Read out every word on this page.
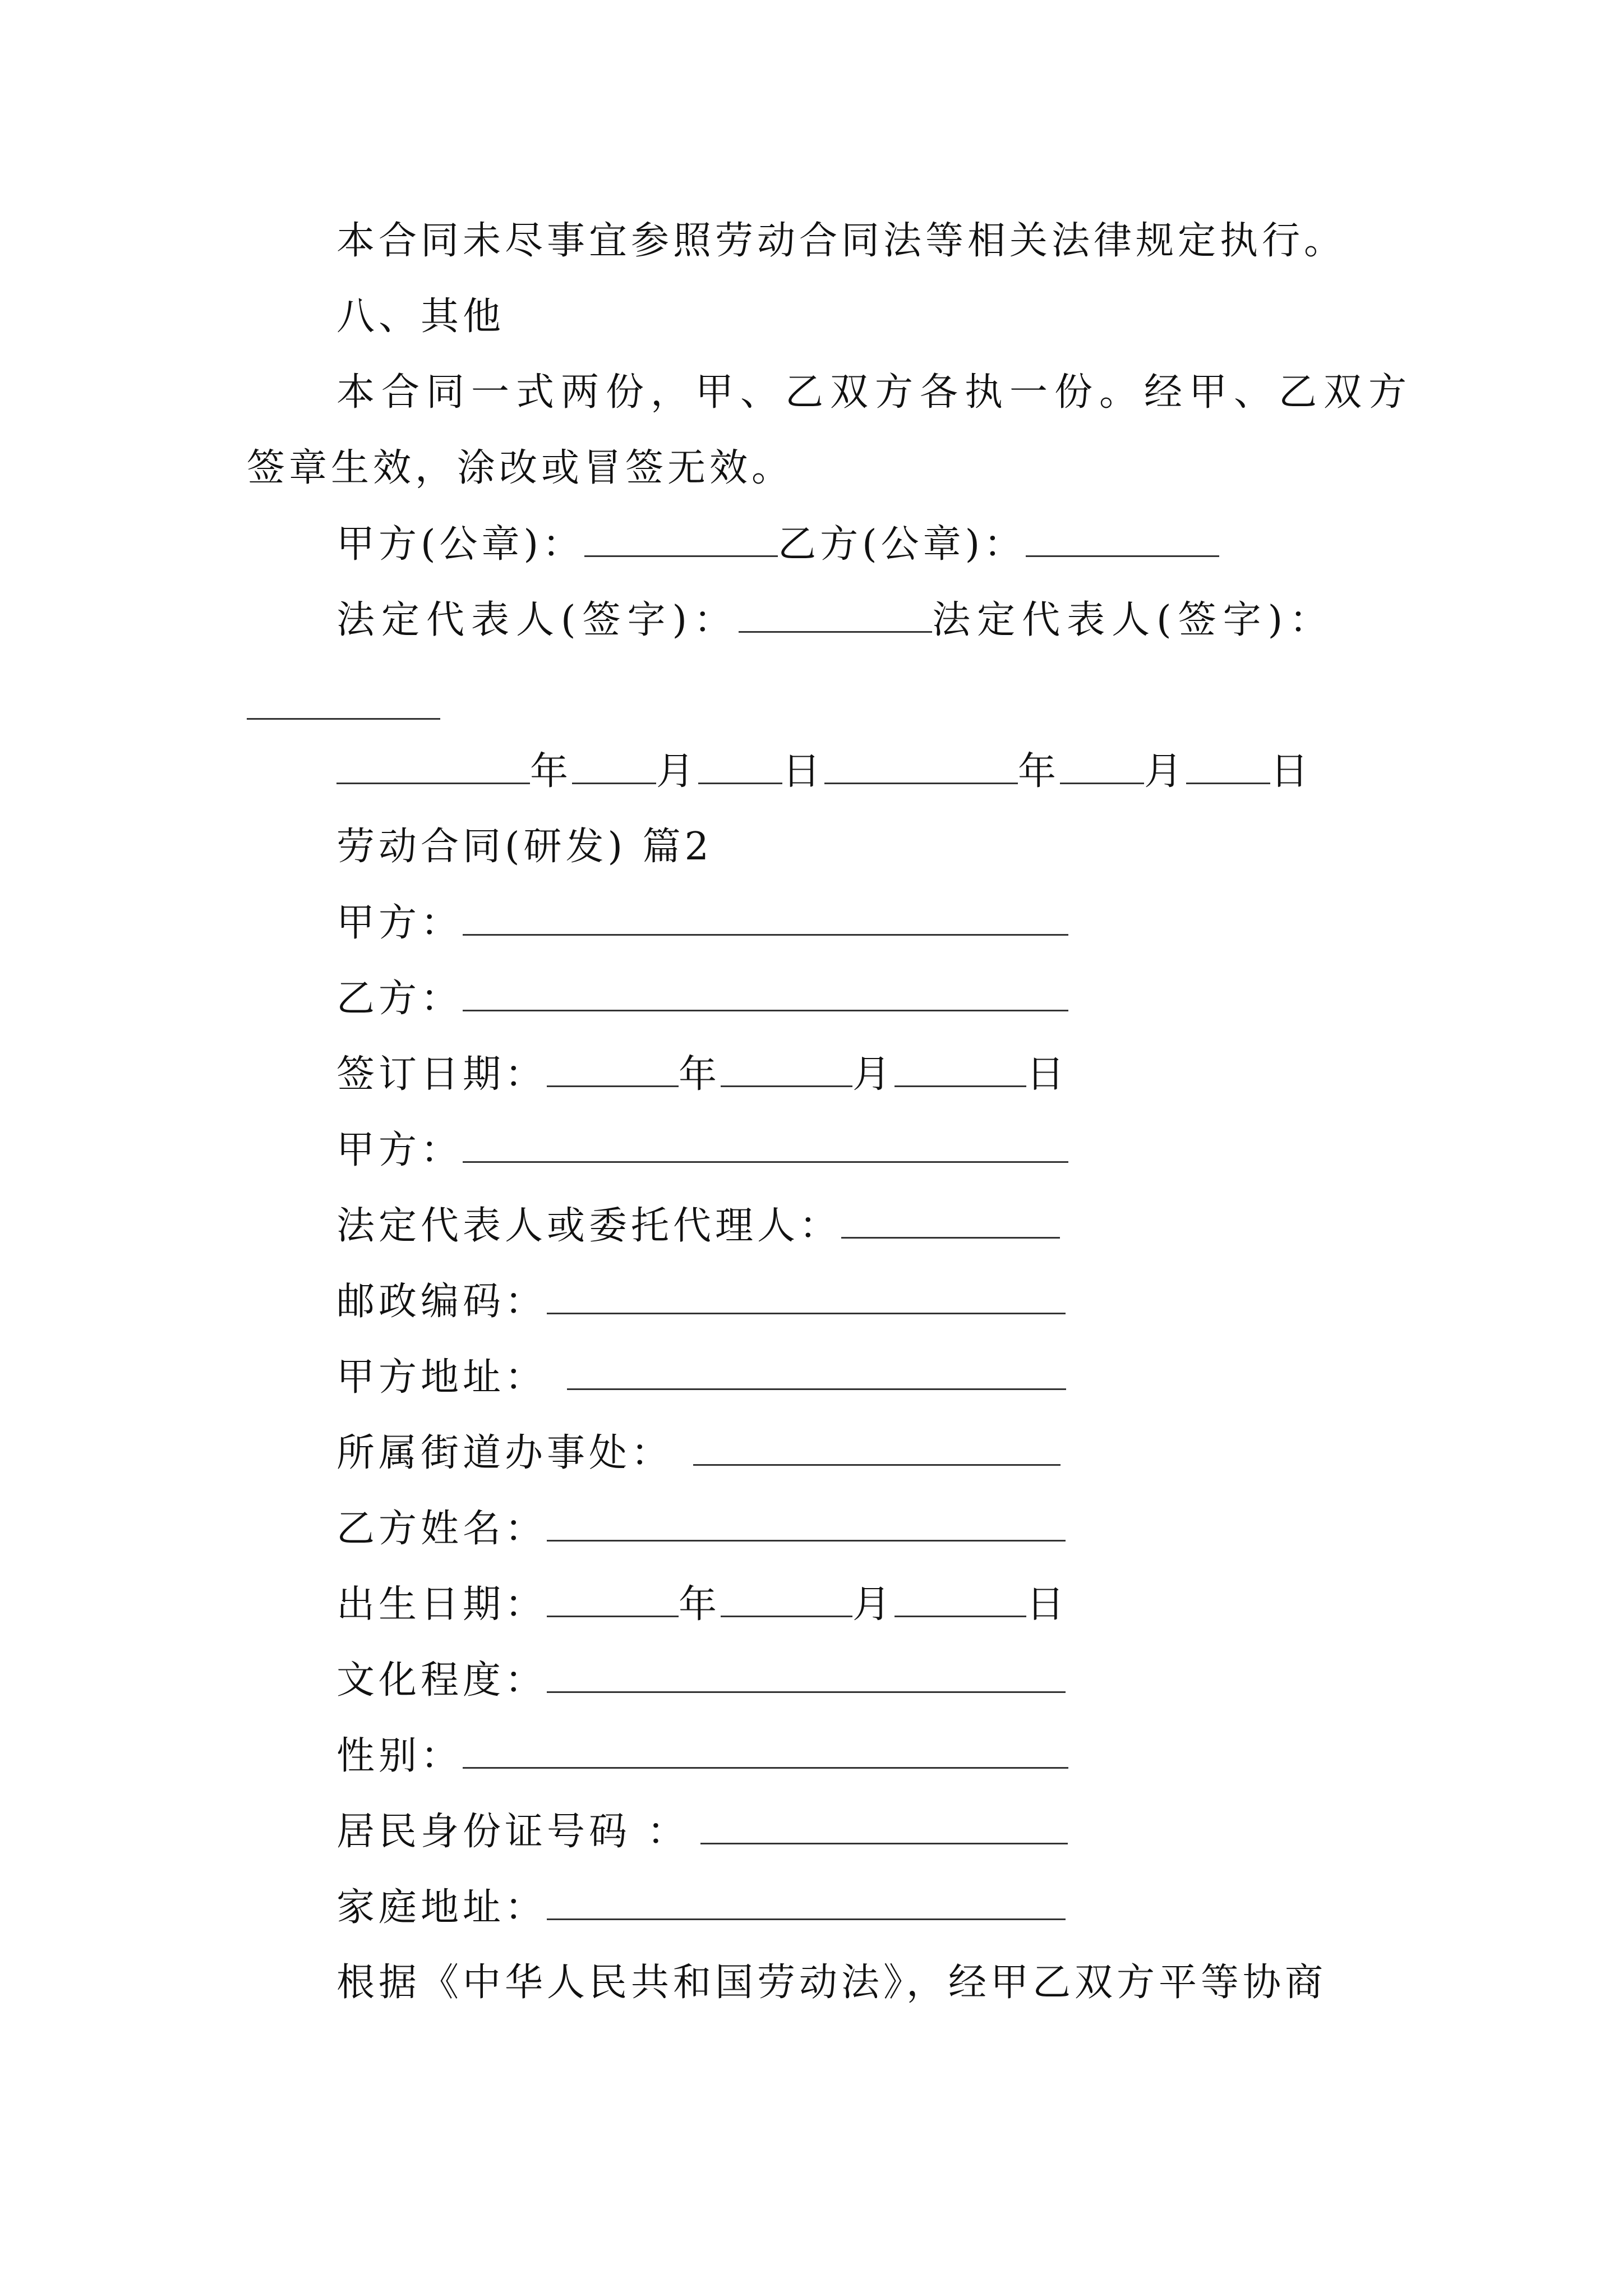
本合同未尽事宜参照劳动合同法等相关法律规定执行。
八、其他
本合同一式两份，甲、乙双方各执一份。经甲、乙双方
签章生效，涂改或冒签无效。
甲方(公章)：	乙方(公章)：
法定代表人(签字)：	法定代表人(签字)：
年 月 日	年 月 日
劳动合同(研发) 篇2
甲方：
乙方：
签订日期：	年	月	日
甲方：
法定代表人或委托代理人：
邮政编码：
甲方地址：
所属街道办事处：
乙方姓名：
出生日期：	年	月	日
文化程度：
性别：
居民身份证号码 ：
家庭地址：
根据《中华人民共和国劳动法》，经甲乙双方平等协商
